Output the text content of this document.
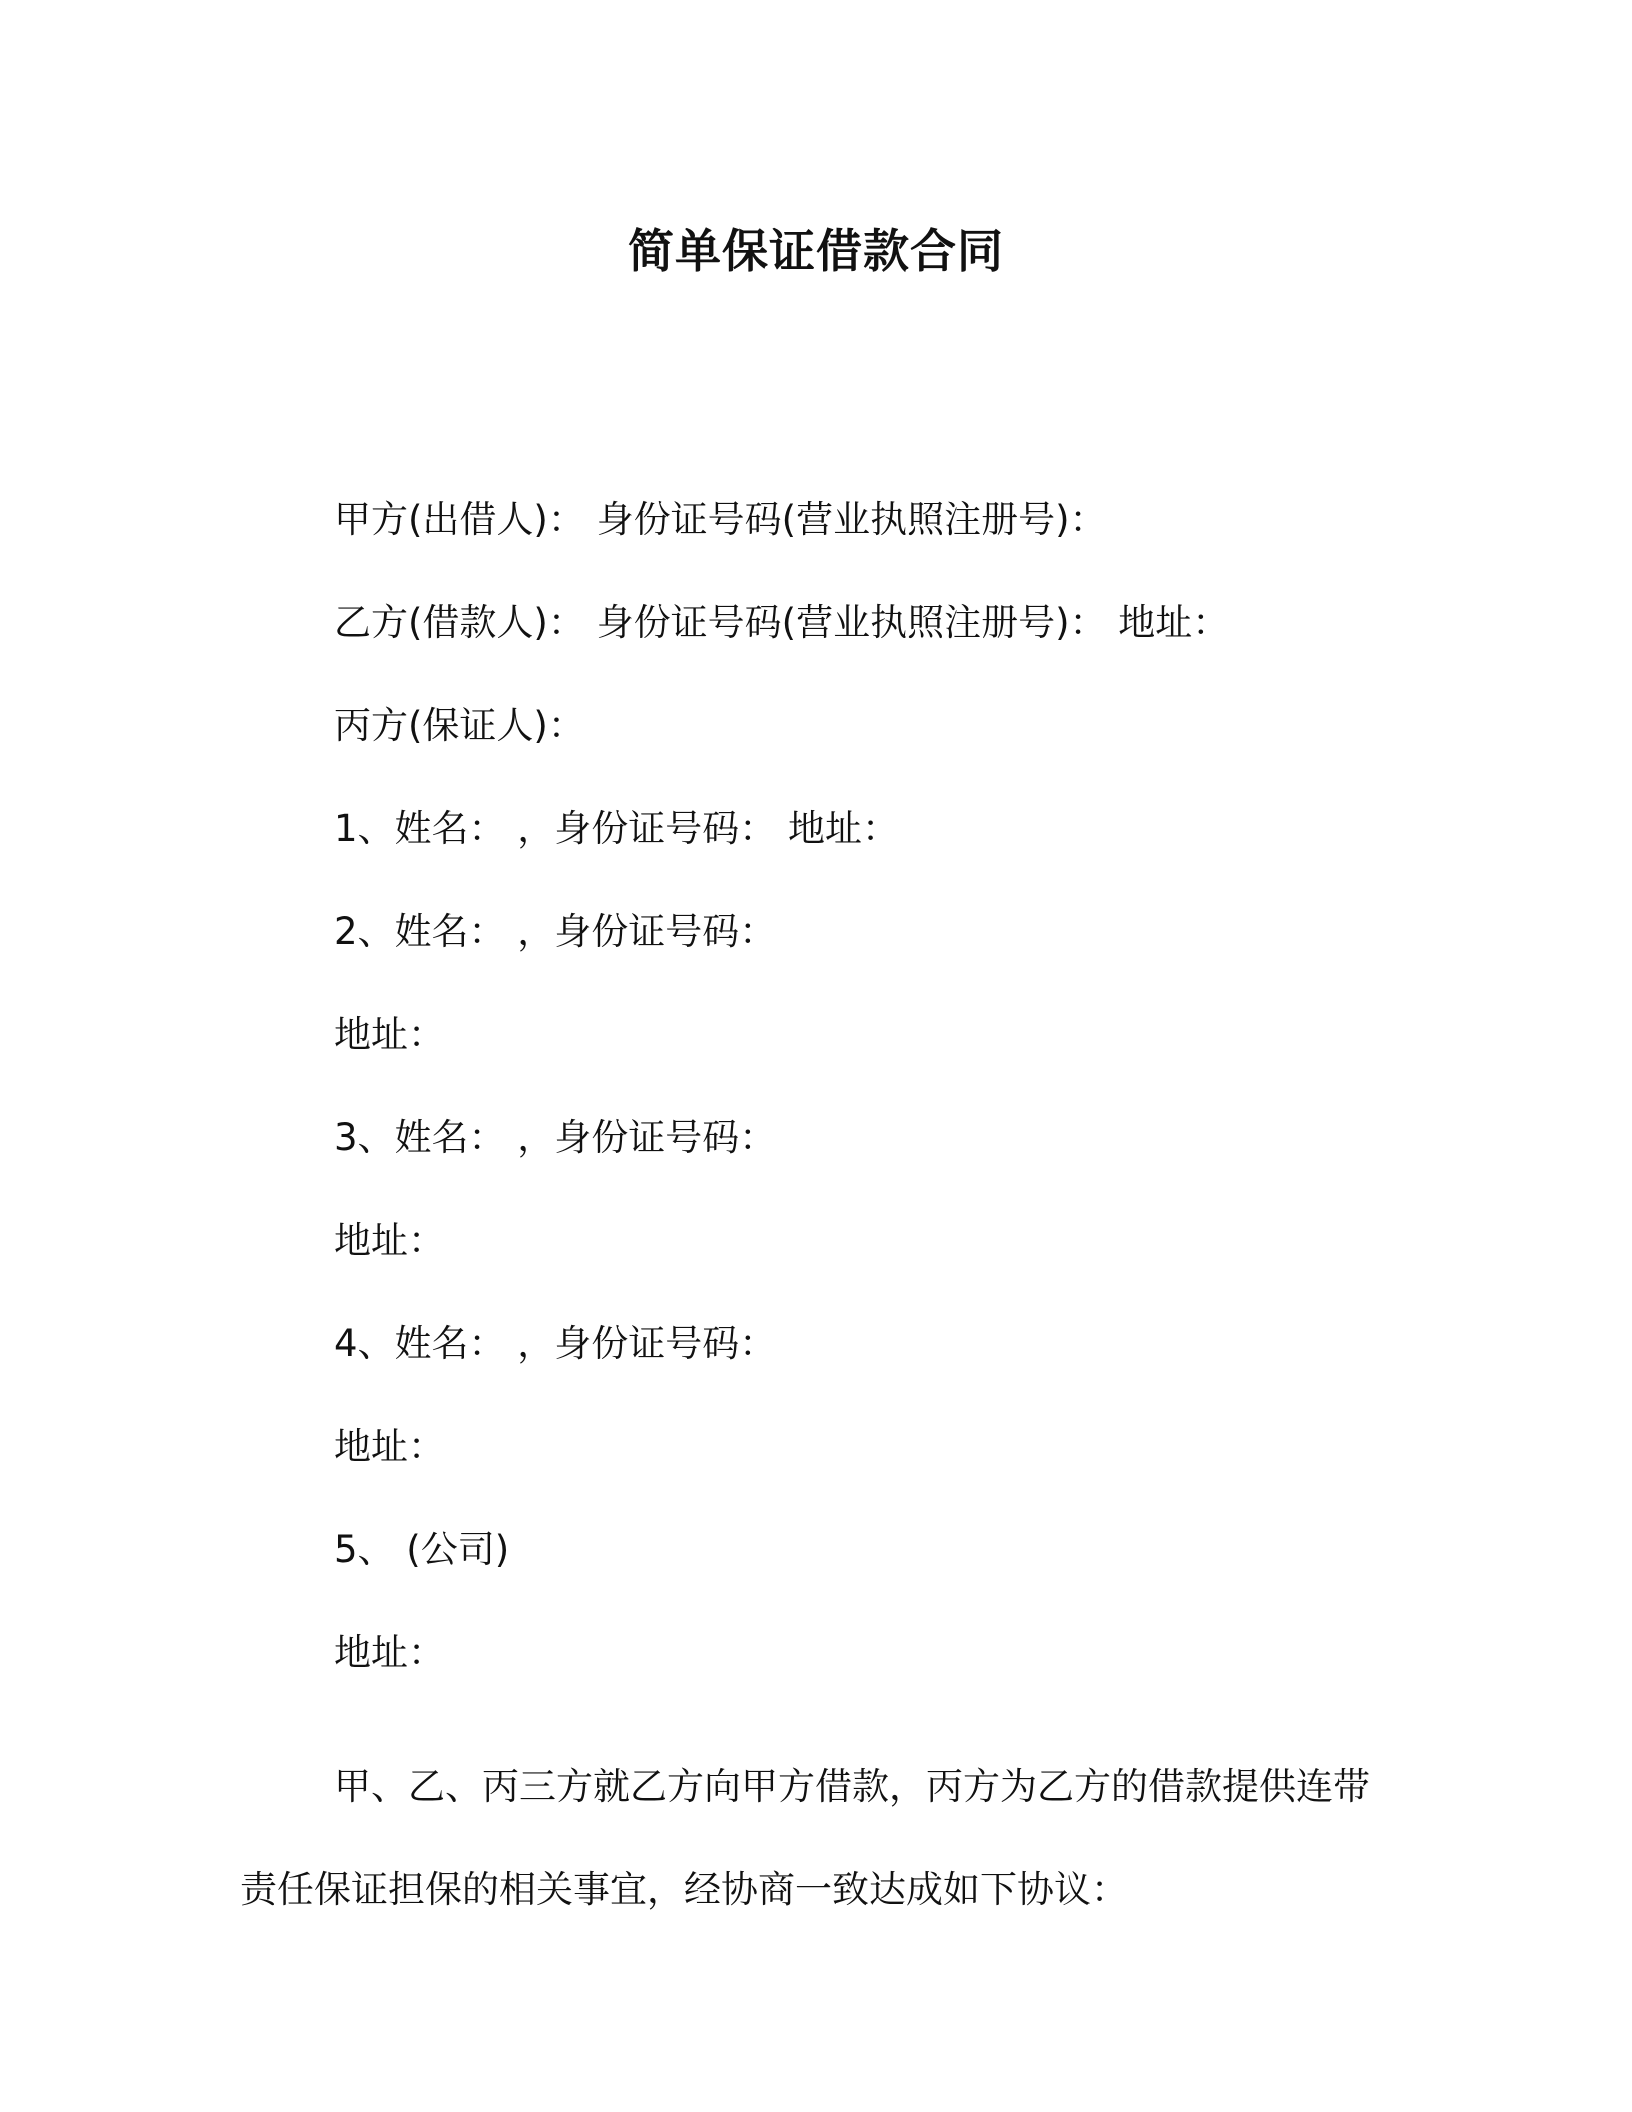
简单保证借款合同
甲方(出借人)： 身份证号码(营业执照注册号)：
乙方(借款人)： 身份证号码(营业执照注册号)： 地址：
丙方(保证人)：
1、姓名： ，身份证号码： 地址：
2、姓名： ，身份证号码：
地址：
3、姓名： ，身份证号码：
地址：
4、姓名： ，身份证号码：
地址：
5、 (公司)
地址：
甲、乙、丙三方就乙方向甲方借款，丙方为乙方的借款提供连带责任保证担保的相关事宜，经协商一致达成如下协议：
